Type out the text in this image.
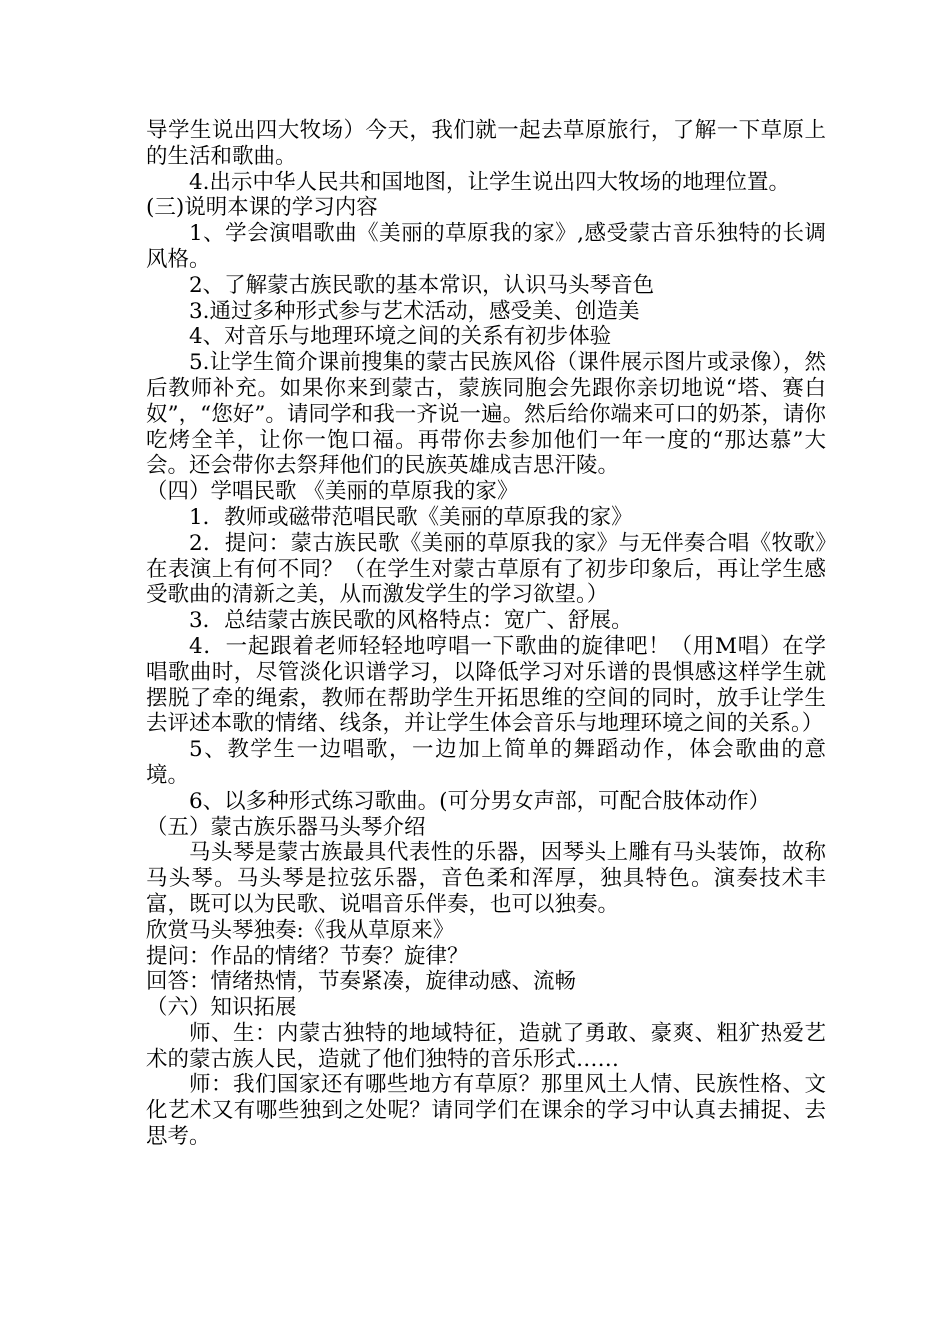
导学生说出四大牧场）今天，我们就一起去草原旅行，了解一下草原上的生活和歌曲。

4.出示中华人民共和国地图，让学生说出四大牧场的地理位置。

(三)说明本课的学习内容

1、学会演唱歌曲《美丽的草原我的家》,感受蒙古音乐独特的长调风格。

2、了解蒙古族民歌的基本常识，认识马头琴音色

3.通过多种形式参与艺术活动，感受美、创造美

4、对音乐与地理环境之间的关系有初步体验

5.让学生简介课前搜集的蒙古民族风俗（课件展示图片或录像），然后教师补充。如果你来到蒙古，蒙族同胞会先跟你亲切地说“塔、赛白奴”，“您好”。请同学和我一齐说一遍。然后给你端来可口的奶茶，请你吃烤全羊，让你一饱口福。再带你去参加他们一年一度的“那达慕”大会。还会带你去祭拜他们的民族英雄成吉思汗陵。

（四）学唱民歌 《美丽的草原我的家》

1．教师或磁带范唱民歌《美丽的草原我的家》

2．提问：蒙古族民歌《美丽的草原我的家》与无伴奏合唱《牧歌》在表演上有何不同？（在学生对蒙古草原有了初步印象后，再让学生感受歌曲的清新之美，从而激发学生的学习欲望。）

3．总结蒙古族民歌的风格特点：宽广、舒展。

4．一起跟着老师轻轻地哼唱一下歌曲的旋律吧！（用M唱）在学唱歌曲时，尽管淡化识谱学习，以降低学习对乐谱的畏惧感这样学生就摆脱了牵的绳索，教师在帮助学生开拓思维的空间的同时，放手让学生去评述本歌的情绪、线条，并让学生体会音乐与地理环境之间的关系。）

5、教学生一边唱歌，一边加上简单的舞蹈动作，体会歌曲的意境。

6、以多种形式练习歌曲。(可分男女声部，可配合肢体动作）

（五）蒙古族乐器马头琴介绍

马头琴是蒙古族最具代表性的乐器，因琴头上雕有马头装饰，故称马头琴。马头琴是拉弦乐器，音色柔和浑厚，独具特色。演奏技术丰富，既可以为民歌、说唱音乐伴奏，也可以独奏。

欣赏马头琴独奏:《我从草原来》

提问：作品的情绪？节奏？旋律？

回答：情绪热情，节奏紧凑，旋律动感、流畅

（六）知识拓展

师、生：内蒙古独特的地域特征，造就了勇敢、豪爽、粗犷热爱艺术的蒙古族人民，造就了他们独特的音乐形式……

师：我们国家还有哪些地方有草原？那里风土人情、民族性格、文化艺术又有哪些独到之处呢？请同学们在课余的学习中认真去捕捉、去思考。
